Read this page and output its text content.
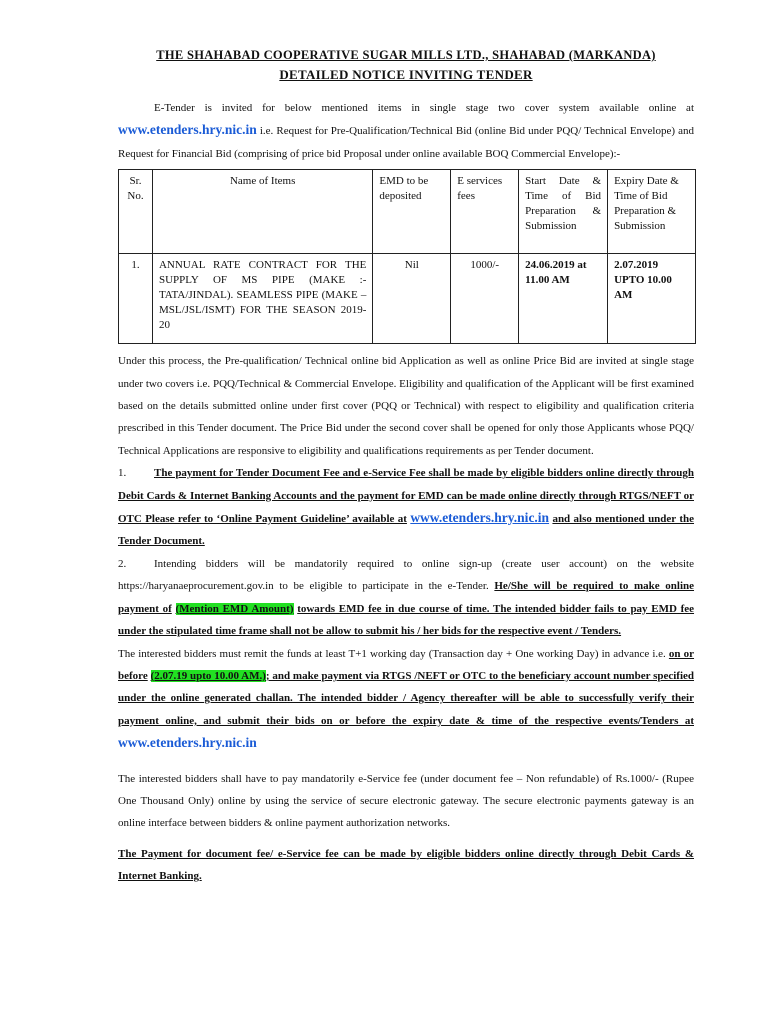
THE SHAHABAD COOPERATIVE SUGAR MILLS LTD., SHAHABAD (MARKANDA)
DETAILED NOTICE INVITING TENDER

E-Tender is invited for below mentioned items in single stage two cover system available online at www.etenders.hry.nic.in i.e. Request for Pre-Qualification/Technical Bid (online Bid under PQQ/ Technical Envelope) and Request for Financial Bid (comprising of price bid Proposal under online available BOQ Commercial Envelope):-

Sr. No.	Name of Items	EMD to be deposited	E services fees	Start Date & Time of Bid Preparation & Submission	Expiry Date & Time of Bid Preparation & Submission
1.	ANNUAL RATE CONTRACT FOR THE SUPPLY OF MS PIPE (MAKE :- TATA/JINDAL). SEAMLESS PIPE (MAKE –MSL/JSL/ISMT) FOR THE SEASON 2019-20	Nil	1000/-	24.06.2019 at 11.00 AM	2.07.2019 UPTO 10.00 AM

Under this process, the Pre-qualification/ Technical online bid Application as well as online Price Bid are invited at single stage under two covers i.e. PQQ/Technical & Commercial Envelope. Eligibility and qualification of the Applicant will be first examined based on the details submitted online under first cover (PQQ or Technical) with respect to eligibility and qualification criteria prescribed in this Tender document. The Price Bid under the second cover shall be opened for only those Applicants whose PQQ/ Technical Applications are responsive to eligibility and qualifications requirements as per Tender document.

1.	The payment for Tender Document Fee and e-Service Fee shall be made by eligible bidders online directly through Debit Cards & Internet Banking Accounts and the payment for EMD can be made online directly through RTGS/NEFT or OTC Please refer to ‘Online Payment Guideline’ available at www.etenders.hry.nic.in and also mentioned under the Tender Document.

2.	Intending bidders will be mandatorily required to online sign-up (create user account) on the website https://haryanaeprocurement.gov.in to be eligible to participate in the e-Tender. He/She will be required to make online payment of (Mention EMD Amount) towards EMD fee in due course of time. The intended bidder fails to pay EMD fee under the stipulated time frame shall not be allow to submit his / her bids for the respective event / Tenders.

The interested bidders must remit the funds at least T+1 working day (Transaction day + One working Day) in advance i.e. on or before (2.07.19 upto 10.00 AM.); and make payment via RTGS /NEFT or OTC to the beneficiary account number specified under the online generated challan. The intended bidder / Agency thereafter will be able to successfully verify their payment online, and submit their bids on or before the expiry date & time of the respective events/Tenders at www.etenders.hry.nic.in

The interested bidders shall have to pay mandatorily e-Service fee (under document fee – Non refundable) of Rs.1000/- (Rupee One Thousand Only) online by using the service of secure electronic gateway. The secure electronic payments gateway is an online interface between bidders & online payment authorization networks.

The Payment for document fee/ e-Service fee can be made by eligible bidders online directly through Debit Cards & Internet Banking.
